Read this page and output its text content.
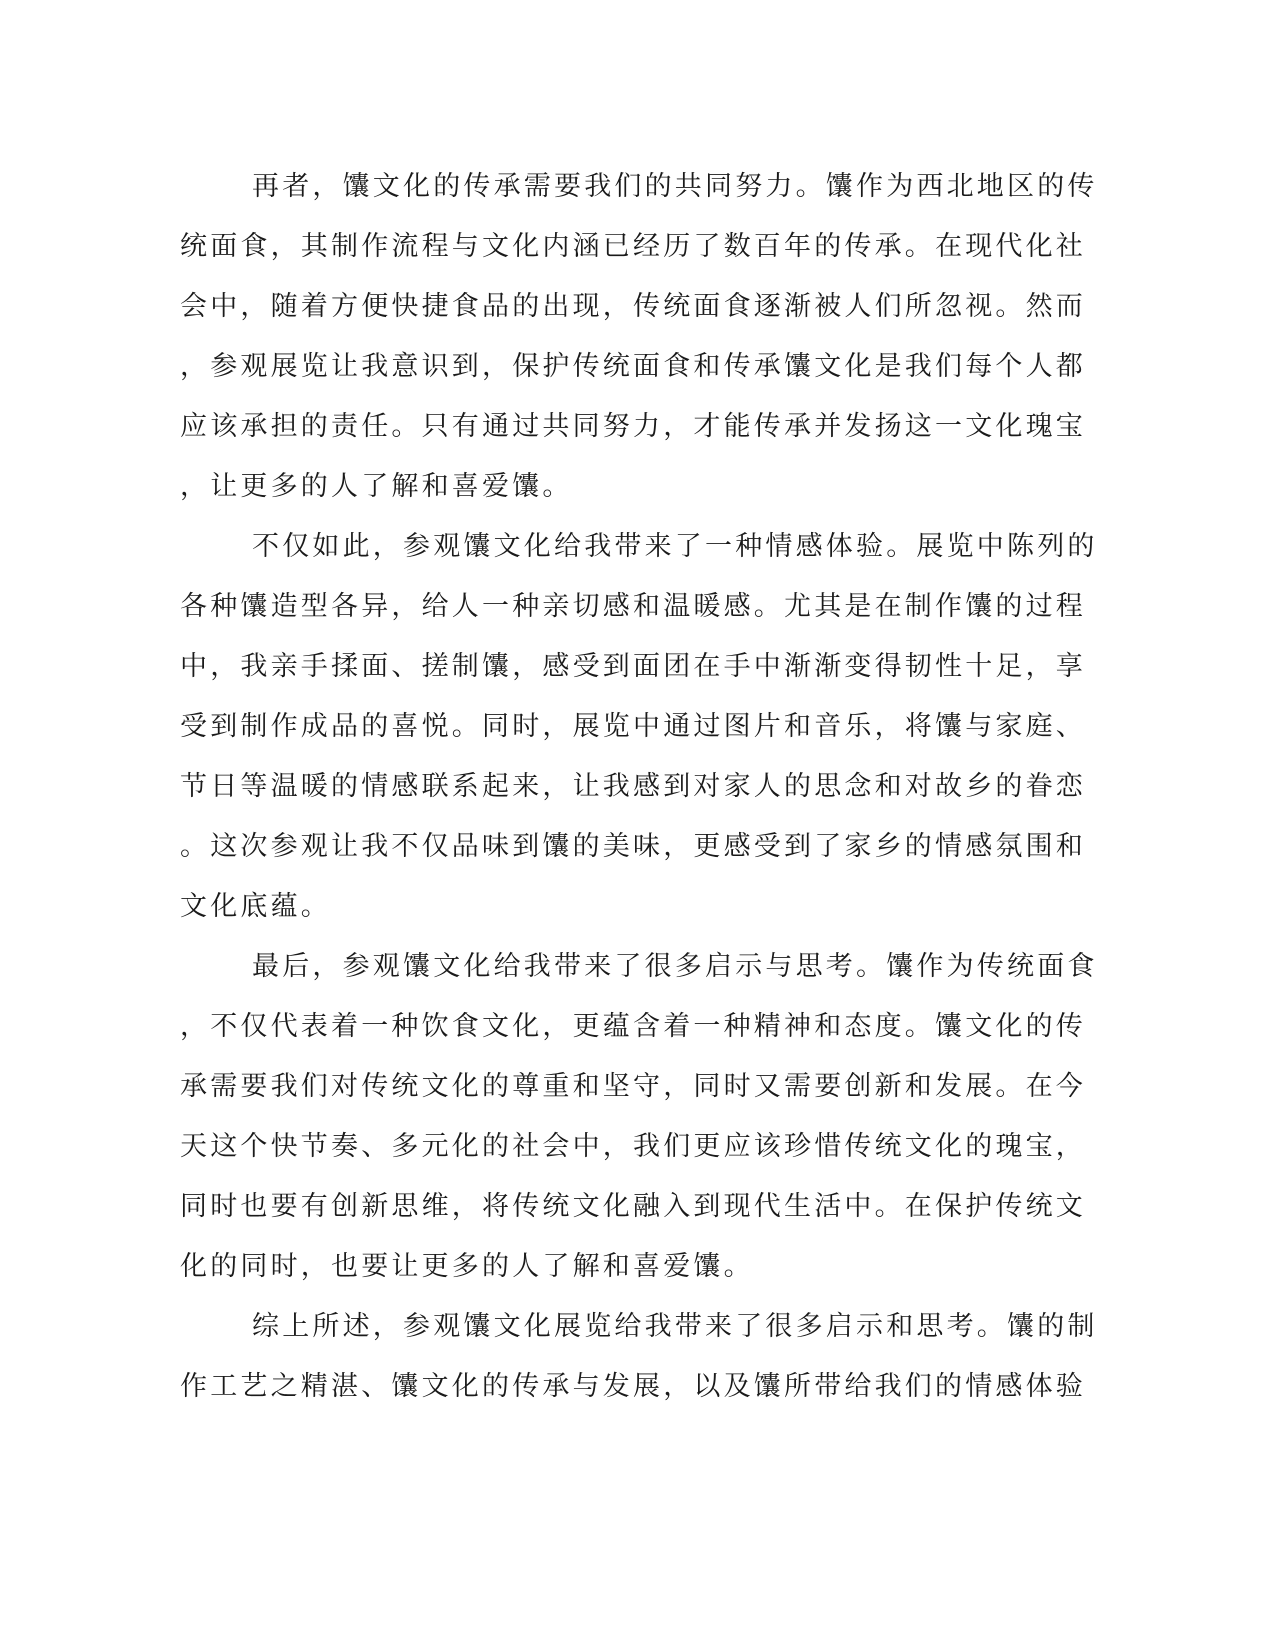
再者，馕文化的传承需要我们的共同努力。馕作为西北地区的传
统面食，其制作流程与文化内涵已经历了数百年的传承。在现代化社
会中，随着方便快捷食品的出现，传统面食逐渐被人们所忽视。然而
，参观展览让我意识到，保护传统面食和传承馕文化是我们每个人都
应该承担的责任。只有通过共同努力，才能传承并发扬这一文化瑰宝
，让更多的人了解和喜爱馕。
不仅如此，参观馕文化给我带来了一种情感体验。展览中陈列的
各种馕造型各异，给人一种亲切感和温暖感。尤其是在制作馕的过程
中，我亲手揉面、搓制馕，感受到面团在手中渐渐变得韧性十足，享
受到制作成品的喜悦。同时，展览中通过图片和音乐，将馕与家庭、
节日等温暖的情感联系起来，让我感到对家人的思念和对故乡的眷恋
。这次参观让我不仅品味到馕的美味，更感受到了家乡的情感氛围和
文化底蕴。
最后，参观馕文化给我带来了很多启示与思考。馕作为传统面食
，不仅代表着一种饮食文化，更蕴含着一种精神和态度。馕文化的传
承需要我们对传统文化的尊重和坚守，同时又需要创新和发展。在今
天这个快节奏、多元化的社会中，我们更应该珍惜传统文化的瑰宝，
同时也要有创新思维，将传统文化融入到现代生活中。在保护传统文
化的同时，也要让更多的人了解和喜爱馕。
综上所述，参观馕文化展览给我带来了很多启示和思考。馕的制
作工艺之精湛、馕文化的传承与发展，以及馕所带给我们的情感体验
